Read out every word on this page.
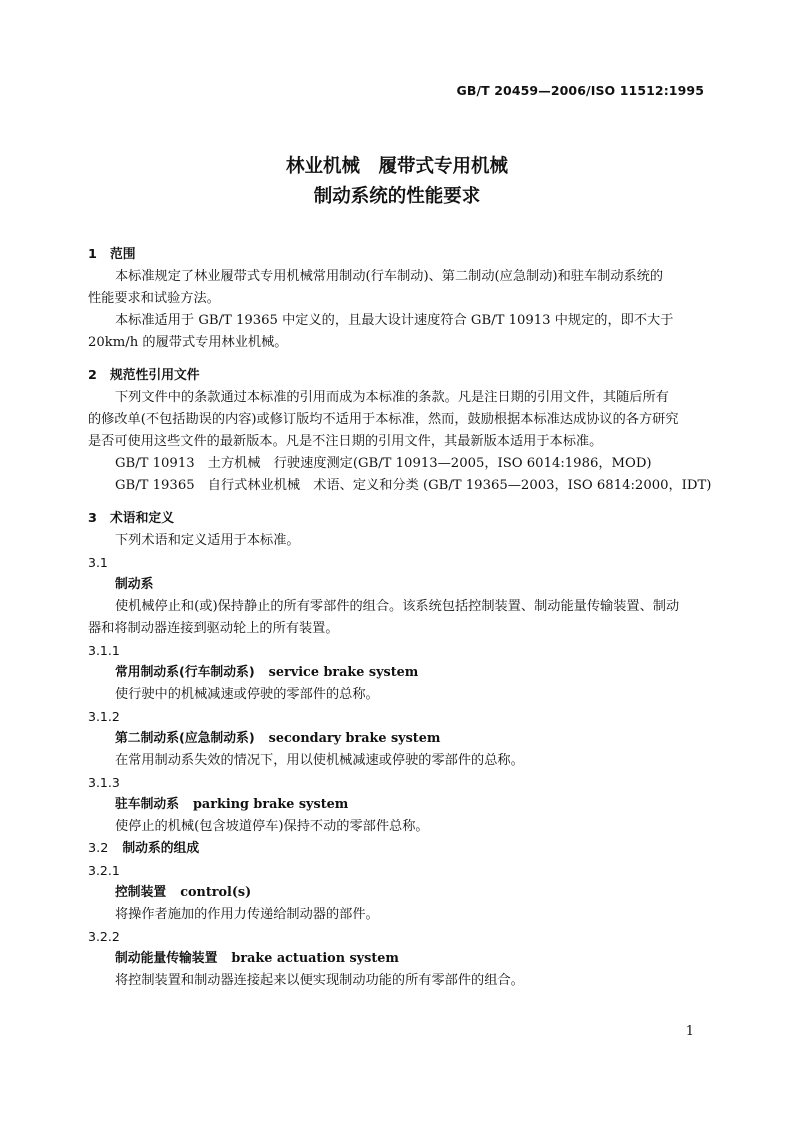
GB/T 20459—2006/ISO 11512:1995
林业机械　履带式专用机械
制动系统的性能要求
1 范围
本标准规定了林业履带式专用机械常用制动(行车制动)、第二制动(应急制动)和驻车制动系统的
性能要求和试验方法。
本标准适用于 GB/T 19365 中定义的，且最大设计速度符合 GB/T 10913 中规定的，即不大于
20km/h 的履带式专用林业机械。
2 规范性引用文件
下列文件中的条款通过本标准的引用而成为本标准的条款。凡是注日期的引用文件，其随后所有
的修改单(不包括勘误的内容)或修订版均不适用于本标准，然而，鼓励根据本标准达成协议的各方研究
是否可使用这些文件的最新版本。凡是不注日期的引用文件，其最新版本适用于本标准。
GB/T 10913　土方机械　行驶速度测定(GB/T 10913—2005，ISO 6014:1986，MOD)
GB/T 19365　自行式林业机械　术语、定义和分类 (GB/T 19365—2003，ISO 6814:2000，IDT)
3 术语和定义
下列术语和定义适用于本标准。
3.1
制动系
使机械停止和(或)保持静止的所有零部件的组合。该系统包括控制装置、制动能量传输装置、制动
器和将制动器连接到驱动轮上的所有装置。
3.1.1
常用制动系(行车制动系) service brake system
使行驶中的机械减速或停驶的零部件的总称。
3.1.2
第二制动系(应急制动系) secondary brake system
在常用制动系失效的情况下，用以使机械减速或停驶的零部件的总称。
3.1.3
驻车制动系 parking brake system
使停止的机械(包含坡道停车)保持不动的零部件总称。
3.2 制动系的组成
3.2.1
控制装置 control(s)
将操作者施加的作用力传递给制动器的部件。
3.2.2
制动能量传输装置 brake actuation system
将控制装置和制动器连接起来以便实现制动功能的所有零部件的组合。
1
